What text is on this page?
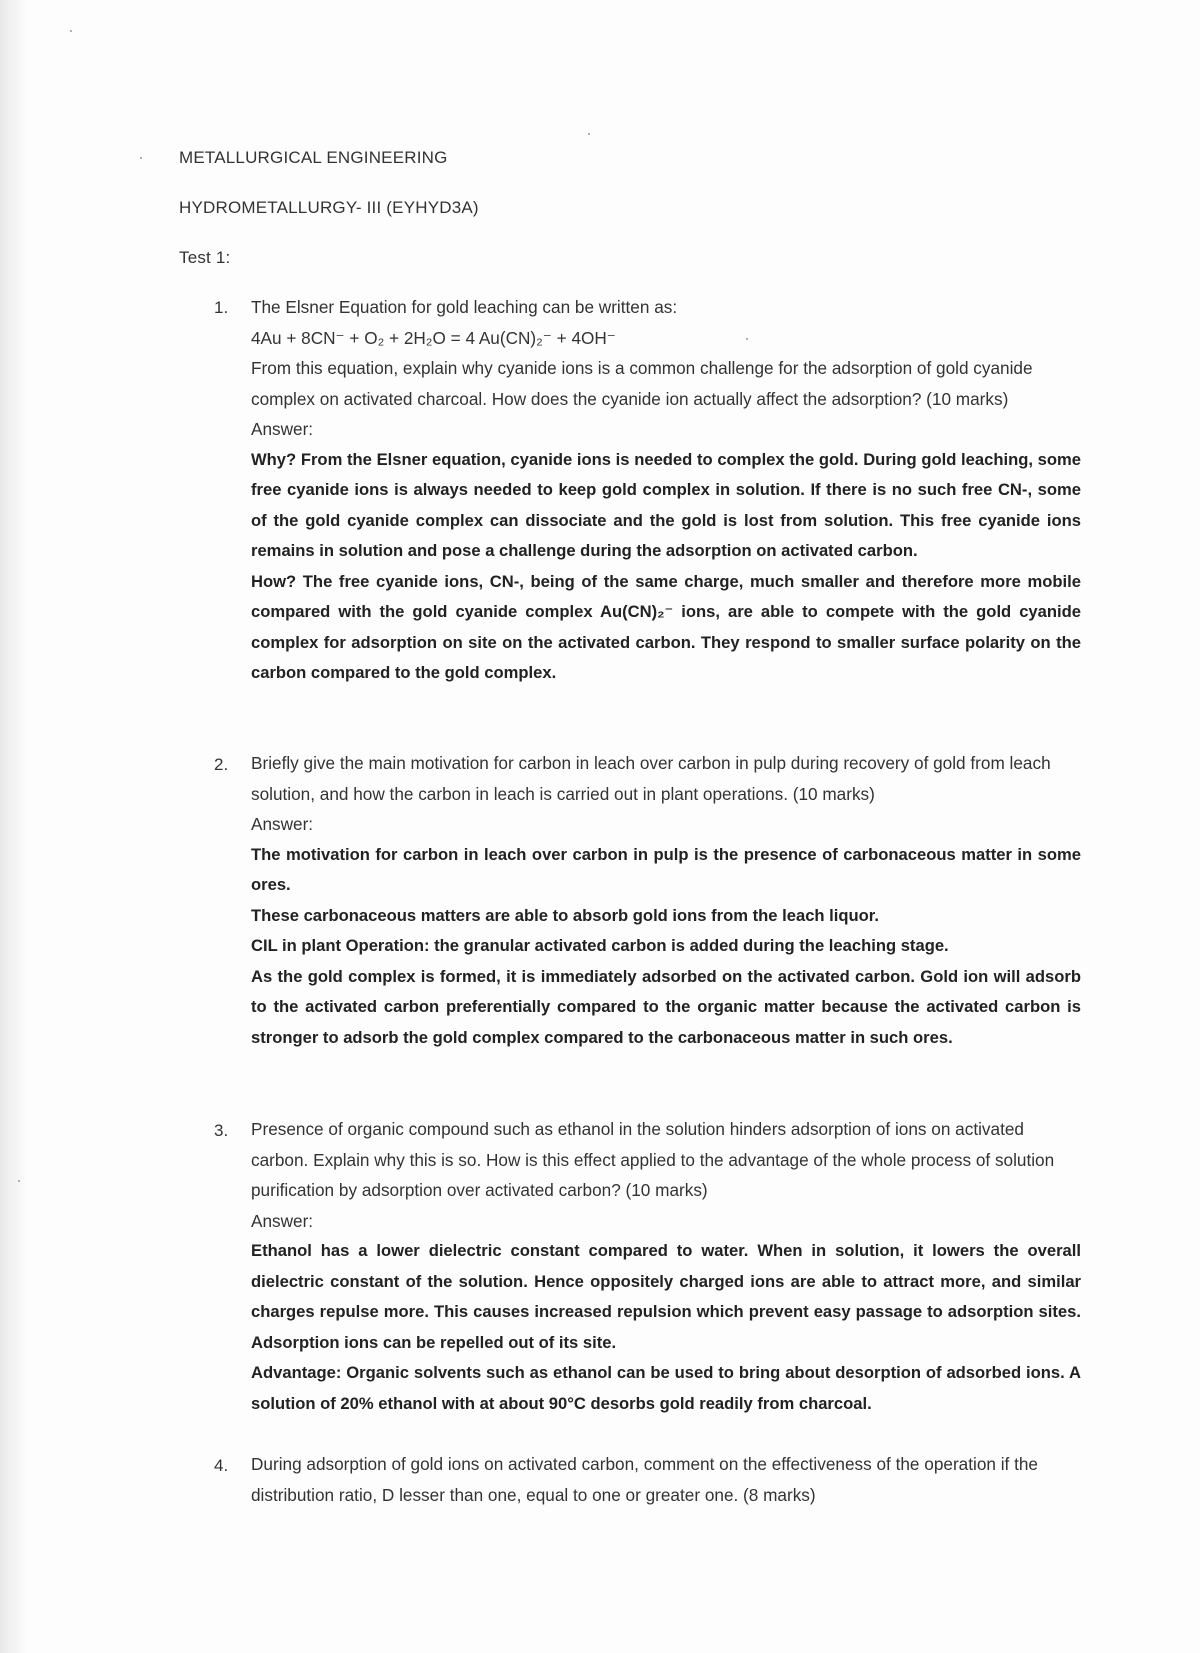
METALLURGICAL ENGINEERING
HYDROMETALLURGY- III (EYHYD3A)
Test 1:
1. The Elsner Equation for gold leaching can be written as:

4Au + 8CN⁻ + O₂ + 2H₂O = 4 Au(CN)₂⁻ + 4OH⁻

From this equation, explain why cyanide ions is a common challenge for the adsorption of gold cyanide complex on activated charcoal. How does the cyanide ion actually affect the adsorption? (10 marks)

Answer:

Why? From the Elsner equation, cyanide ions is needed to complex the gold. During gold leaching, some free cyanide ions is always needed to keep gold complex in solution. If there is no such free CN-, some of the gold cyanide complex can dissociate and the gold is lost from solution. This free cyanide ions remains in solution and pose a challenge during the adsorption on activated carbon.

How? The free cyanide ions, CN-, being of the same charge, much smaller and therefore more mobile compared with the gold cyanide complex Au(CN)₂⁻ ions, are able to compete with the gold cyanide complex for adsorption on site on the activated carbon. They respond to smaller surface polarity on the carbon compared to the gold complex.

2. Briefly give the main motivation for carbon in leach over carbon in pulp during recovery of gold from leach solution, and how the carbon in leach is carried out in plant operations. (10 marks)

Answer:

The motivation for carbon in leach over carbon in pulp is the presence of carbonaceous matter in some ores.

These carbonaceous matters are able to absorb gold ions from the leach liquor.

CIL in plant Operation: the granular activated carbon is added during the leaching stage.

As the gold complex is formed, it is immediately adsorbed on the activated carbon. Gold ion will adsorb to the activated carbon preferentially compared to the organic matter because the activated carbon is stronger to adsorb the gold complex compared to the carbonaceous matter in such ores.

3. Presence of organic compound such as ethanol in the solution hinders adsorption of ions on activated carbon. Explain why this is so. How is this effect applied to the advantage of the whole process of solution purification by adsorption over activated carbon? (10 marks)

Answer:

Ethanol has a lower dielectric constant compared to water. When in solution, it lowers the overall dielectric constant of the solution. Hence oppositely charged ions are able to attract more, and similar charges repulse more. This causes increased repulsion which prevent easy passage to adsorption sites. Adsorption ions can be repelled out of its site.

Advantage: Organic solvents such as ethanol can be used to bring about desorption of adsorbed ions. A solution of 20% ethanol with at about 90°C desorbs gold readily from charcoal.

4. During adsorption of gold ions on activated carbon, comment on the effectiveness of the operation if the distribution ratio, D lesser than one, equal to one or greater one. (8 marks)
